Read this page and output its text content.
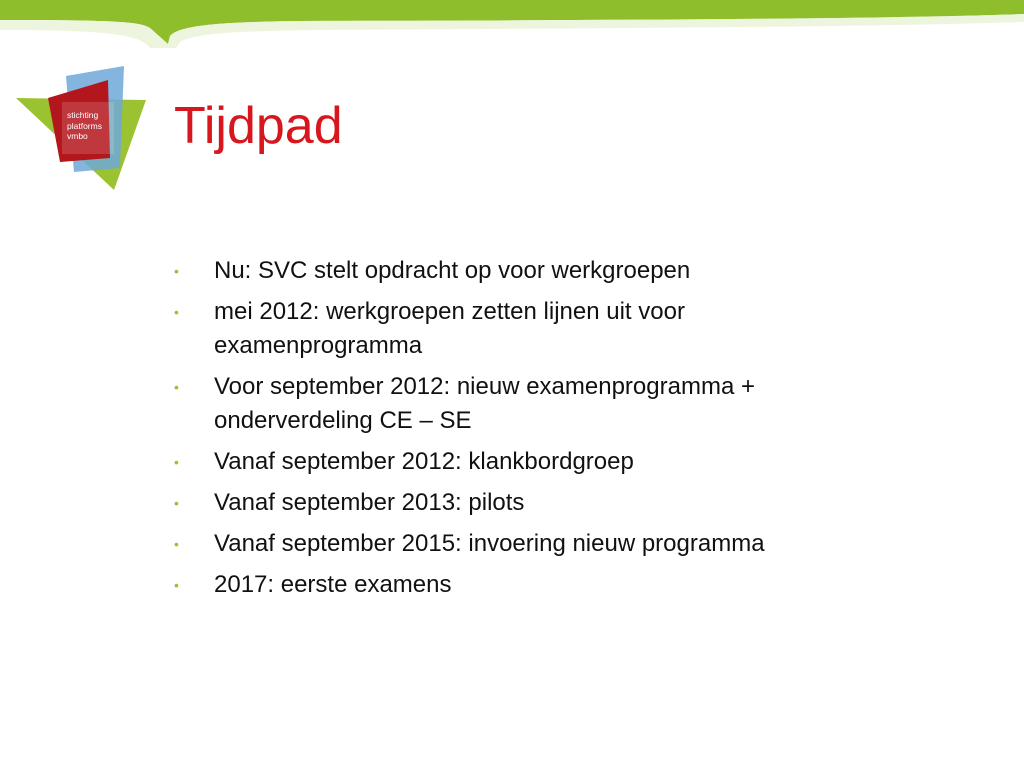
stichting
platforms
vmbo	Tijdpad
• Nu: SVC stelt opdracht op voor werkgroepen
• mei 2012: werkgroepen zetten lijnen uit voor examenprogramma
• Voor september 2012: nieuw examenprogramma + onderverdeling CE – SE
• Vanaf september 2012: klankbordgroep
• Vanaf september 2013: pilots
• Vanaf september 2015: invoering nieuw programma
• 2017: eerste examens
